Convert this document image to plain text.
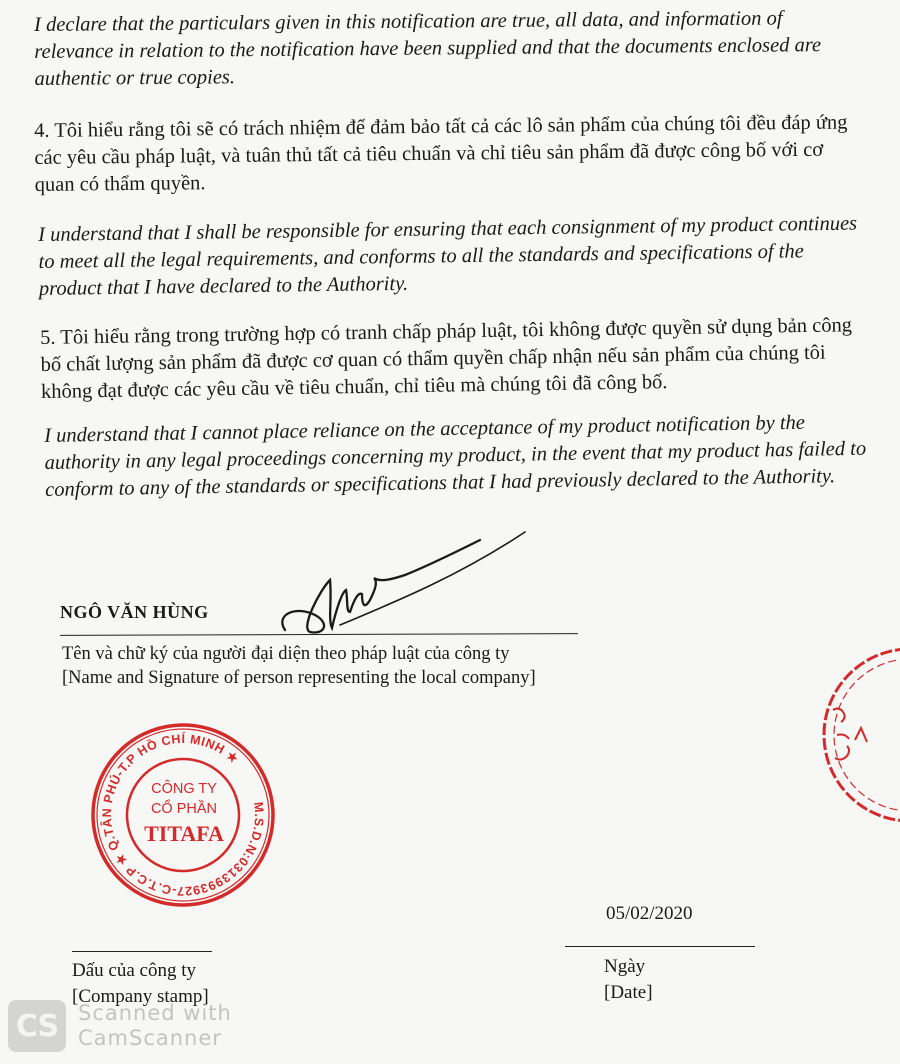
I declare that the particulars given in this notification are true, all data, and information of relevance in relation to the notification have been supplied and that the documents enclosed are authentic or true copies.

4. Tôi hiểu rằng tôi sẽ có trách nhiệm để đảm bảo tất cả các lô sản phẩm của chúng tôi đều đáp ứng các yêu cầu pháp luật, và tuân thủ tất cả tiêu chuẩn và chỉ tiêu sản phẩm đã được công bố với cơ quan có thẩm quyền.

I understand that I shall be responsible for ensuring that each consignment of my product continues to meet all the legal requirements, and conforms to all the standards and specifications of the product that I have declared to the Authority.

5. Tôi hiểu rằng trong trường hợp có tranh chấp pháp luật, tôi không được quyền sử dụng bản công bố chất lượng sản phẩm đã được cơ quan có thẩm quyền chấp nhận nếu sản phẩm của chúng tôi không đạt được các yêu cầu về tiêu chuẩn, chỉ tiêu mà chúng tôi đã công bố.

I understand that I cannot place reliance on the acceptance of my product notification by the authority in any legal proceedings concerning my product, in the event that my product has failed to conform to any of the standards or specifications that I had previously declared to the Authority.

NGÔ VĂN HÙNG
Tên và chữ ký của người đại diện theo pháp luật của công ty
[Name and Signature of person representing the local company]
M.S.D.N:0313993927-C.T.C.P ★ Q.TÂN PHÚ-T.P HỒ CHÍ MINH ★
CÔNG TY
CỔ PHẦN
TITAFA
05/02/2020
Ngày
[Date]
Dấu của công ty
[Company stamp]
CS Scanned with
CamScanner
